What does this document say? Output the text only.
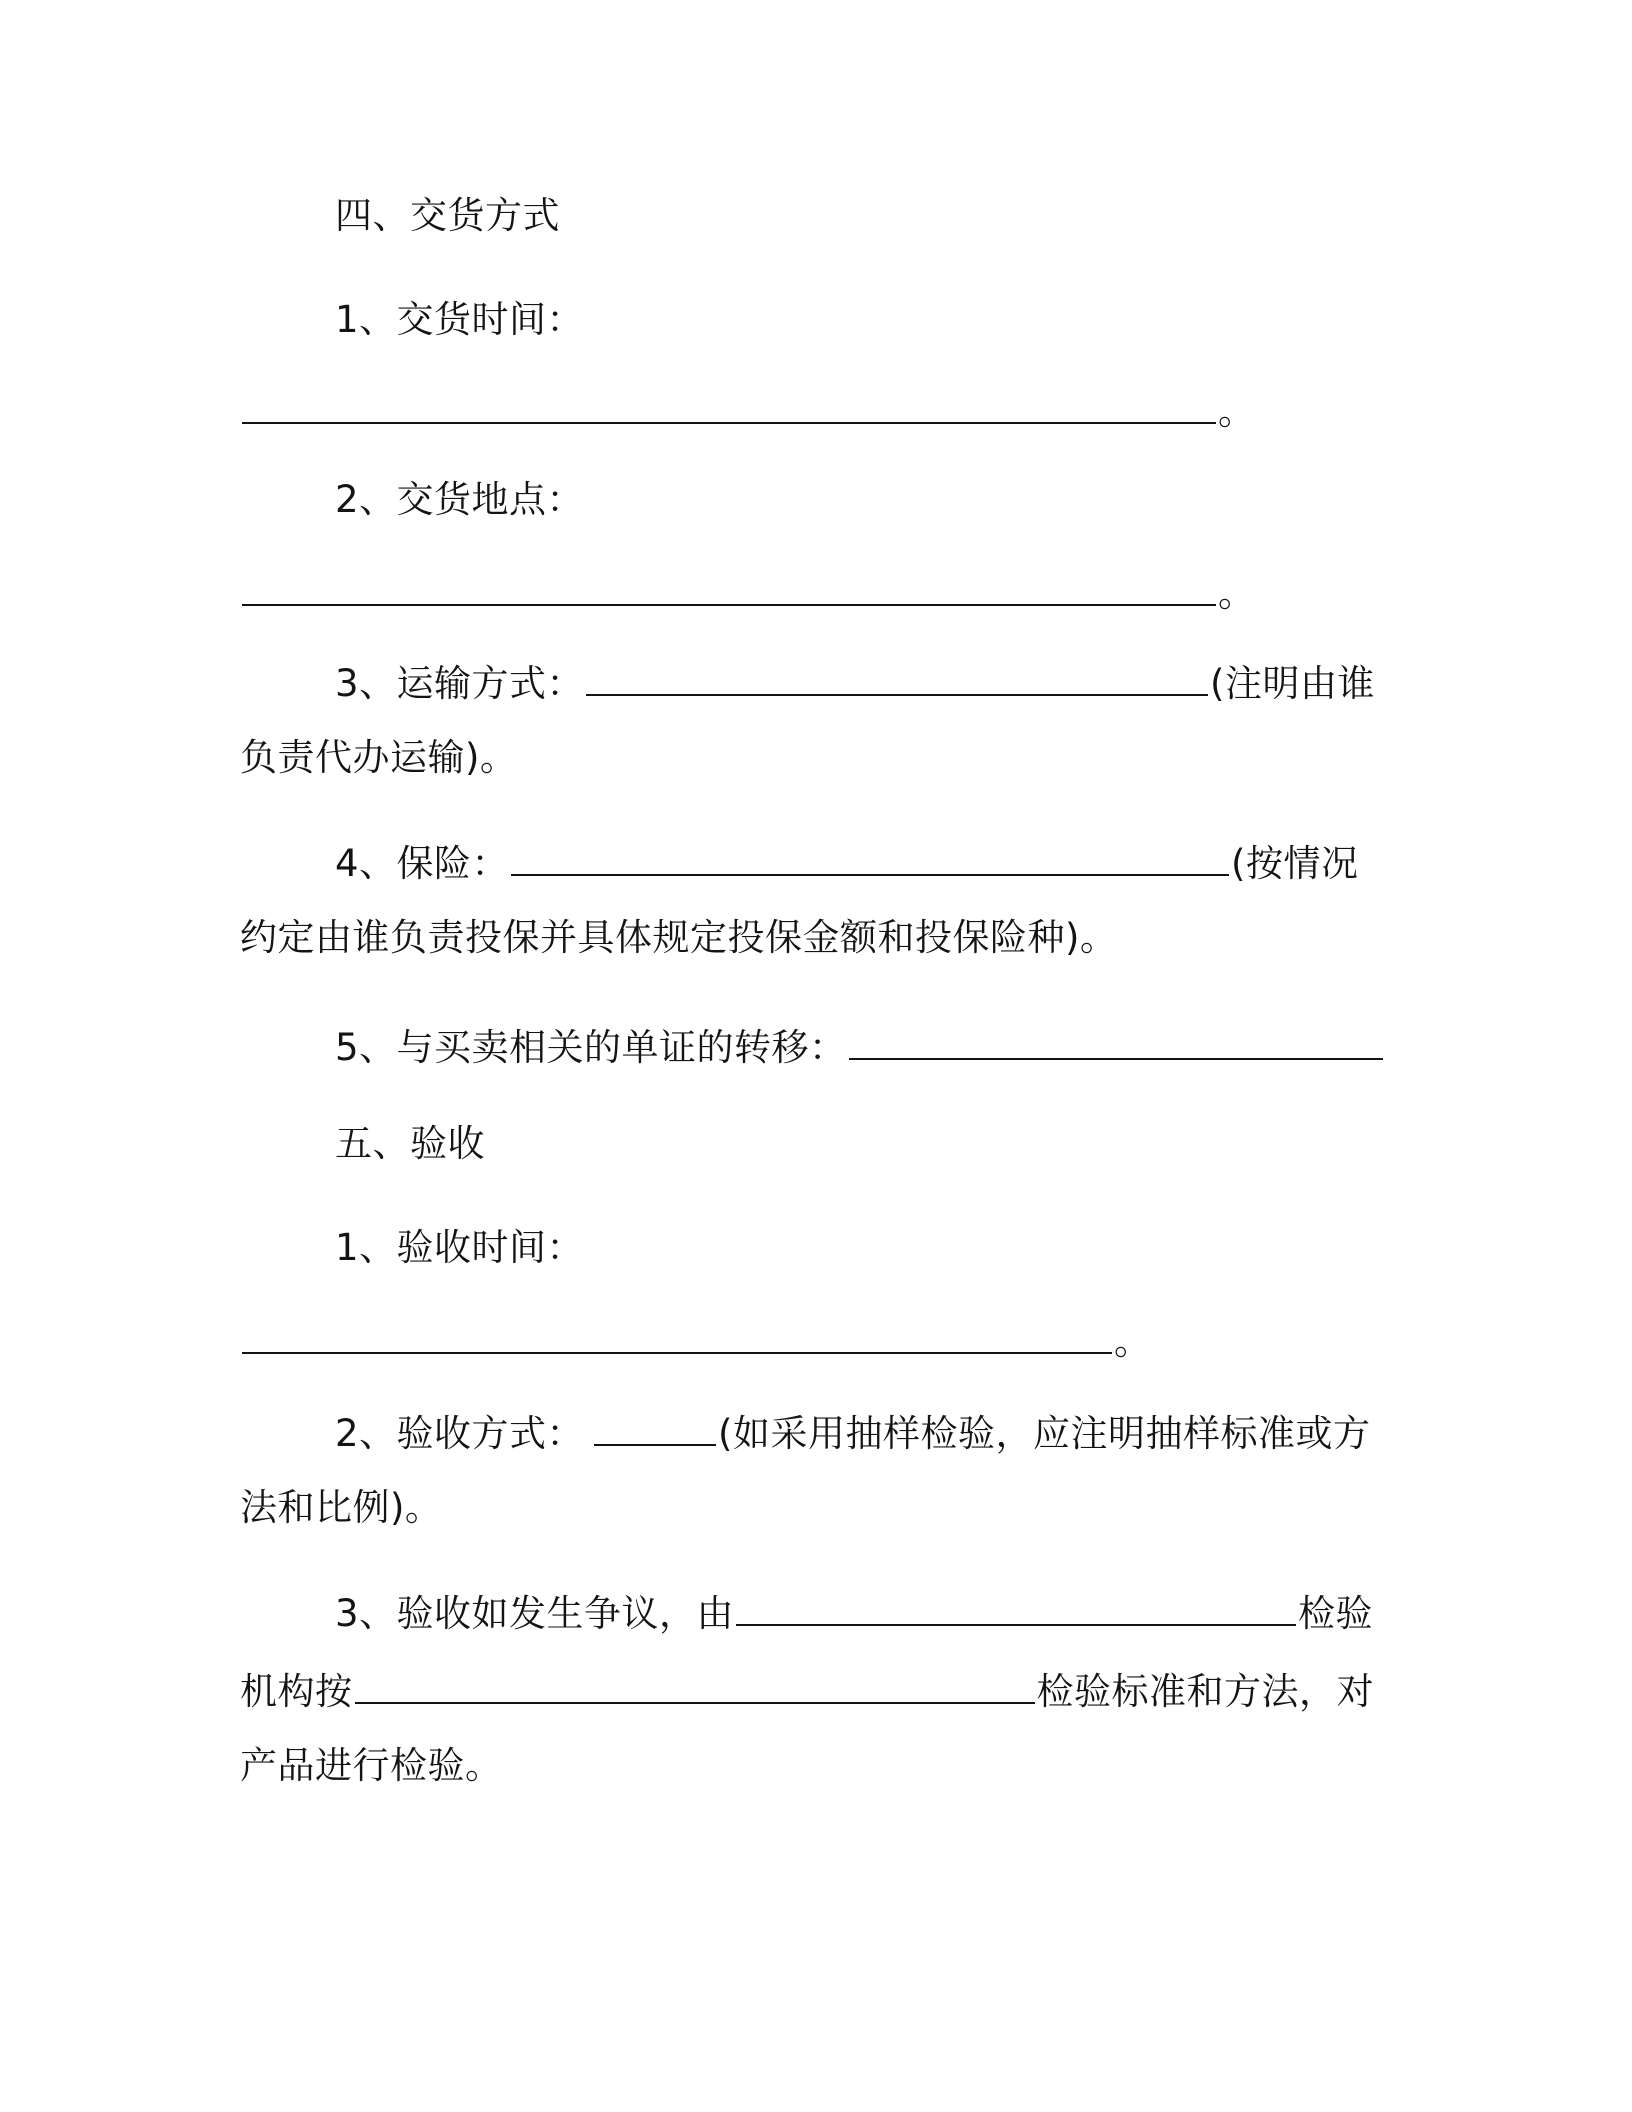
四、交货方式
1、交货时间：
。
2、交货地点：
。
3、运输方式：	(注明由谁
负责代办运输)。
4、保险：	(按情况
约定由谁负责投保并具体规定投保金额和投保险种)。
5、与买卖相关的单证的转移：
五、验收
1、验收时间：
。
2、验收方式：	(如采用抽样检验，应注明抽样标准或方
法和比例)。
3、验收如发生争议，由	检验
机构按	检验标准和方法，对
产品进行检验。
